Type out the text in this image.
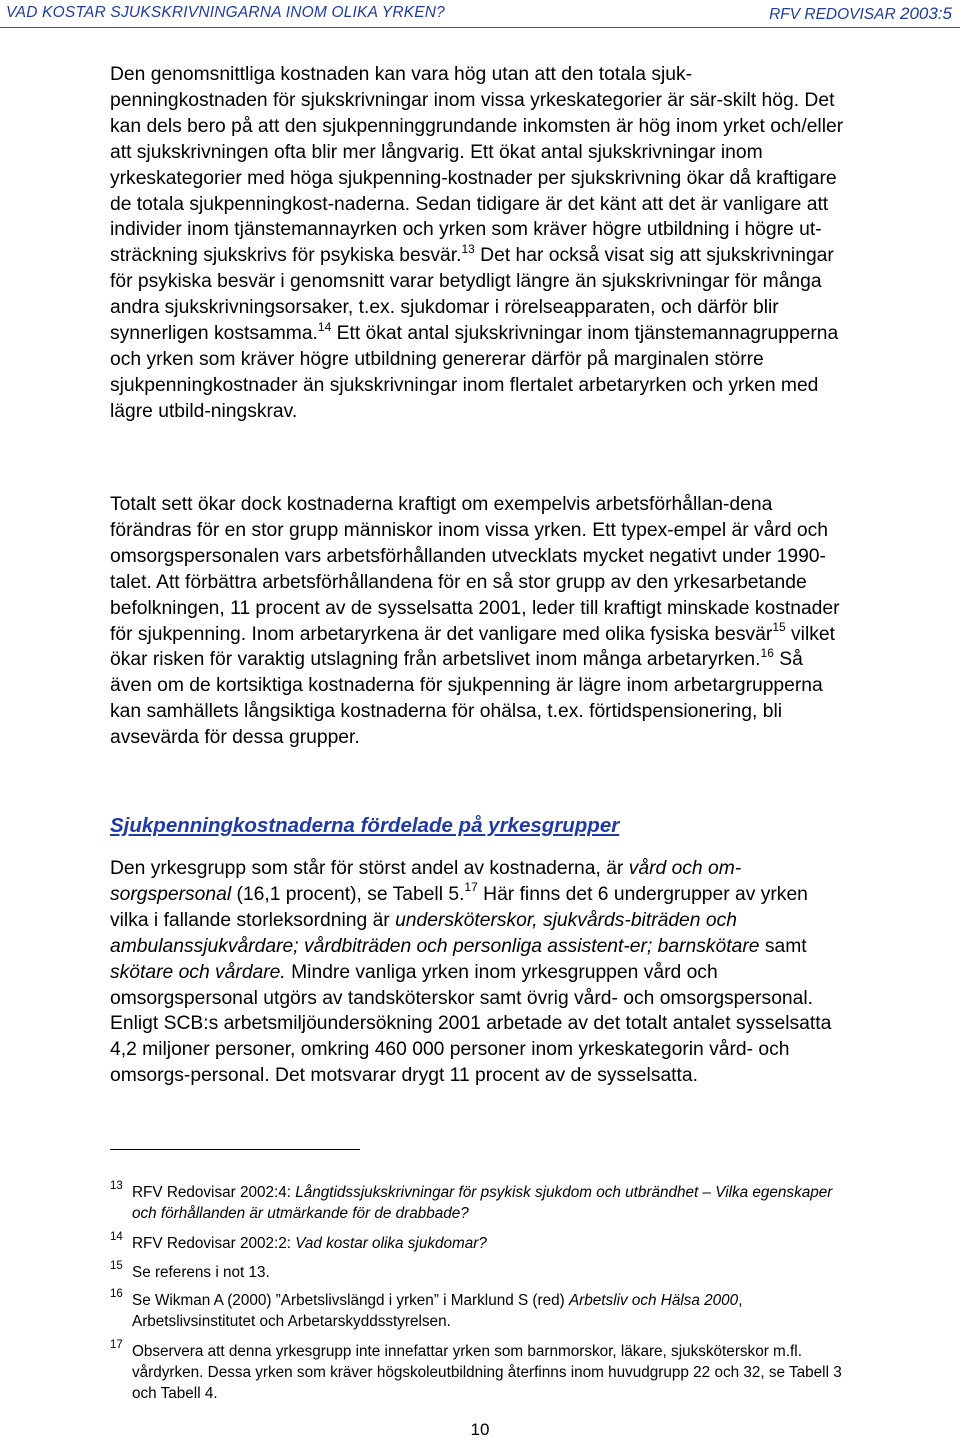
VAD KOSTAR SJUKSKRIVNINGARNA INOM OLIKA YRKEN?	RFV REDOVISAR 2003:5
Den genomsnittliga kostnaden kan vara hög utan att den totala sjuk-penningkostnaden för sjukskrivningar inom vissa yrkeskategorier är sär-skilt hög. Det kan dels bero på att den sjukpenninggrundande inkomsten är hög inom yrket och/eller att sjukskrivningen ofta blir mer långvarig. Ett ökat antal sjukskrivningar inom yrkeskategorier med höga sjukpenning-kostnader per sjukskrivning ökar då kraftigare de totala sjukpenningkost-naderna. Sedan tidigare är det känt att det är vanligare att individer inom tjänstemannayrken och yrken som kräver högre utbildning i högre ut-sträckning sjukskrivs för psykiska besvär.$^{13}$ Det har också visat sig att sjukskrivningar för psykiska besvär i genomsnitt varar betydligt längre än sjukskrivningar för många andra sjukskrivningsorsaker, t.ex. sjukdomar i rörelseapparaten, och därför blir synnerligen kostsamma.$^{14}$ Ett ökat antal sjukskrivningar inom tjänstemannagrupperna och yrken som kräver högre utbildning genererar därför på marginalen större sjukpenningkostnader än sjukskrivningar inom flertalet arbetaryrken och yrken med lägre utbild-ningskrav.
Totalt sett ökar dock kostnaderna kraftigt om exempelvis arbetsförhållan-dena förändras för en stor grupp människor inom vissa yrken. Ett typex-empel är vård och omsorgspersonalen vars arbetsförhållanden utvecklats mycket negativt under 1990-talet. Att förbättra arbetsförhållandena för en så stor grupp av den yrkesarbetande befolkningen, 11 procent av de sysselsatta 2001, leder till kraftigt minskade kostnader för sjukpenning. Inom arbetaryrkena är det vanligare med olika fysiska besvär$^{15}$ vilket ökar risken för varaktig utslagning från arbetslivet inom många arbetaryrken.$^{16}$ Så även om de kortsiktiga kostnaderna för sjukpenning är lägre inom arbetargrupperna kan samhällets långsiktiga kostnaderna för ohälsa, t.ex. förtidspensionering, bli avsevärda för dessa grupper.
Sjukpenningkostnaderna fördelade på yrkesgrupper
Den yrkesgrupp som står för störst andel av kostnaderna, är vård och om-sorgspersonal (16,1 procent), se Tabell 5.17 Här finns det 6 undergrupper av yrken vilka i fallande storleksordning är undersköterskor, sjukvårds-biträden och ambulanssjukvårdare; vårdbiträden och personliga assistent-er; barnskötare samt skötare och vårdare. Mindre vanliga yrken inom yrkesgruppen vård och omsorgspersonal utgörs av tandsköterskor samt övrig vård- och omsorgspersonal. Enligt SCB:s arbetsmiljöundersökning 2001 arbetade av det totalt antalet sysselsatta 4,2 miljoner personer, omkring 460 000 personer inom yrkeskategorin vård- och omsorgs-personal. Det motsvarar drygt 11 procent av de sysselsatta.
13 RFV Redovisar 2002:4: Långtidssjukskrivningar för psykisk sjukdom och utbrändhet – Vilka egenskaper och förhållanden är utmärkande för de drabbade?
14 RFV Redovisar 2002:2: Vad kostar olika sjukdomar?
15 Se referens i not 13.
16 Se Wikman A (2000) ”Arbetslivslängd i yrken” i Marklund S (red) Arbetsliv och Hälsa 2000, Arbetslivsinstitutet och Arbetarskyddsstyrelsen.
17 Observera att denna yrkesgrupp inte innefattar yrken som barnmorskor, läkare, sjuksköterskor m.fl. vårdyrken. Dessa yrken som kräver högskoleutbildning återfinns inom huvudgrupp 22 och 32, se Tabell 3 och Tabell 4.
10
